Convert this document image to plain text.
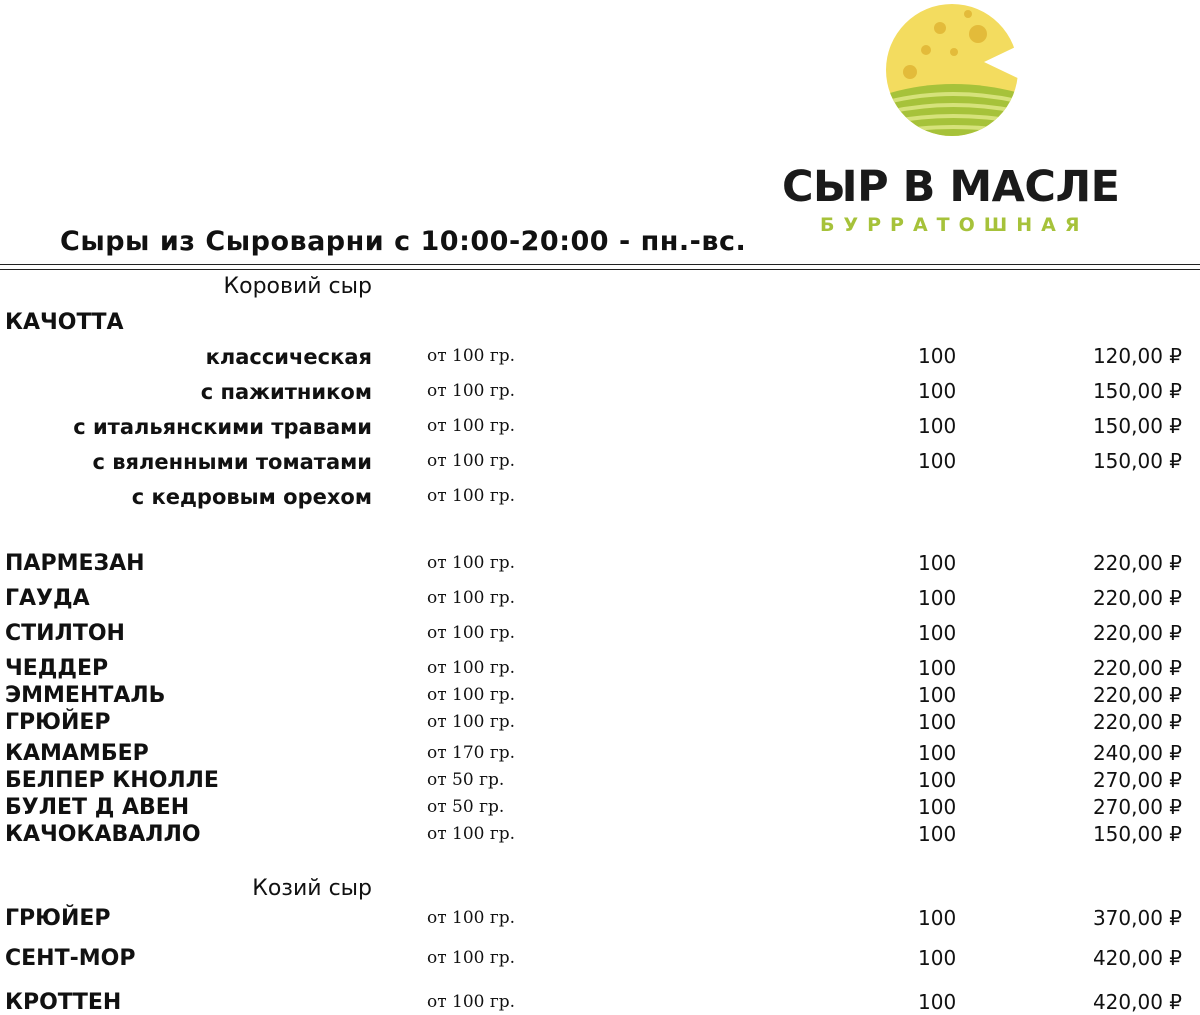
СЫР В МАСЛЕ
БУРРАТОШНАЯ
Сыры из Сыроварни с 10:00-20:00 - пн.-вс.
Коровий сыр
КАЧОТТА
классическая	от 100 гр.	100	120,00 ₽
с пажитником	от 100 гр.	100	150,00 ₽
с итальянскими травами	от 100 гр.	100	150,00 ₽
с вяленными томатами	от 100 гр.	100	150,00 ₽
с кедровым орехом	от 100 гр.
ПАРМЕЗАН	от 100 гр.	100	220,00 ₽
ГАУДА	от 100 гр.	100	220,00 ₽
СТИЛТОН	от 100 гр.	100	220,00 ₽
ЧЕДДЕР	от 100 гр.	100	220,00 ₽
ЭММЕНТАЛЬ	от 100 гр.	100	220,00 ₽
ГРЮЙЕР	от 100 гр.	100	220,00 ₽
КАМАМБЕР	от 170 гр.	100	240,00 ₽
БЕЛПЕР КНОЛЛЕ	от 50 гр.	100	270,00 ₽
БУЛЕТ Д АВЕН	от 50 гр.	100	270,00 ₽
КАЧОКАВАЛЛО	от 100 гр.	100	150,00 ₽
Козий сыр
ГРЮЙЕР	от 100 гр.	100	370,00 ₽
СЕНТ-МОР	от 100 гр.	100	420,00 ₽
КРОТТЕН	от 100 гр.	100	420,00 ₽
